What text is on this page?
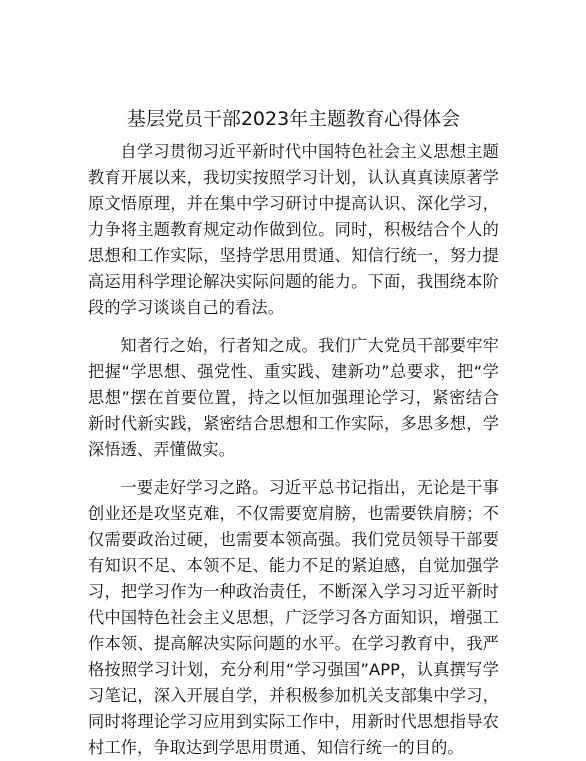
基层党员干部2023年主题教育心得体会

自学习贯彻习近平新时代中国特色社会主义思想主题教育开展以来，我切实按照学习计划，认认真真读原著学原文悟原理，并在集中学习研讨中提高认识、深化学习，力争将主题教育规定动作做到位。同时，积极结合个人的思想和工作实际，坚持学思用贯通、知信行统一，努力提高运用科学理论解决实际问题的能力。下面，我围绕本阶段的学习谈谈自己的看法。

知者行之始，行者知之成。我们广大党员干部要牢牢把握“学思想、强党性、重实践、建新功”总要求，把“学思想”摆在首要位置，持之以恒加强理论学习，紧密结合新时代新实践，紧密结合思想和工作实际，多思多想，学深悟透、弄懂做实。

一要走好学习之路。习近平总书记指出，无论是干事创业还是攻坚克难，不仅需要宽肩膀，也需要铁肩膀；不仅需要政治过硬，也需要本领高强。我们党员领导干部要有知识不足、本领不足、能力不足的紧迫感，自觉加强学习，把学习作为一种政治责任，不断深入学习习近平新时代中国特色社会主义思想，广泛学习各方面知识，增强工作本领、提高解决实际问题的水平。在学习教育中，我严格按照学习计划，充分利用“学习强国”APP，认真撰写学习笔记，深入开展自学，并积极参加机关支部集中学习，同时将理论学习应用到实际工作中，用新时代思想指导农村工作，争取达到学思用贯通、知信行统一的目的。
